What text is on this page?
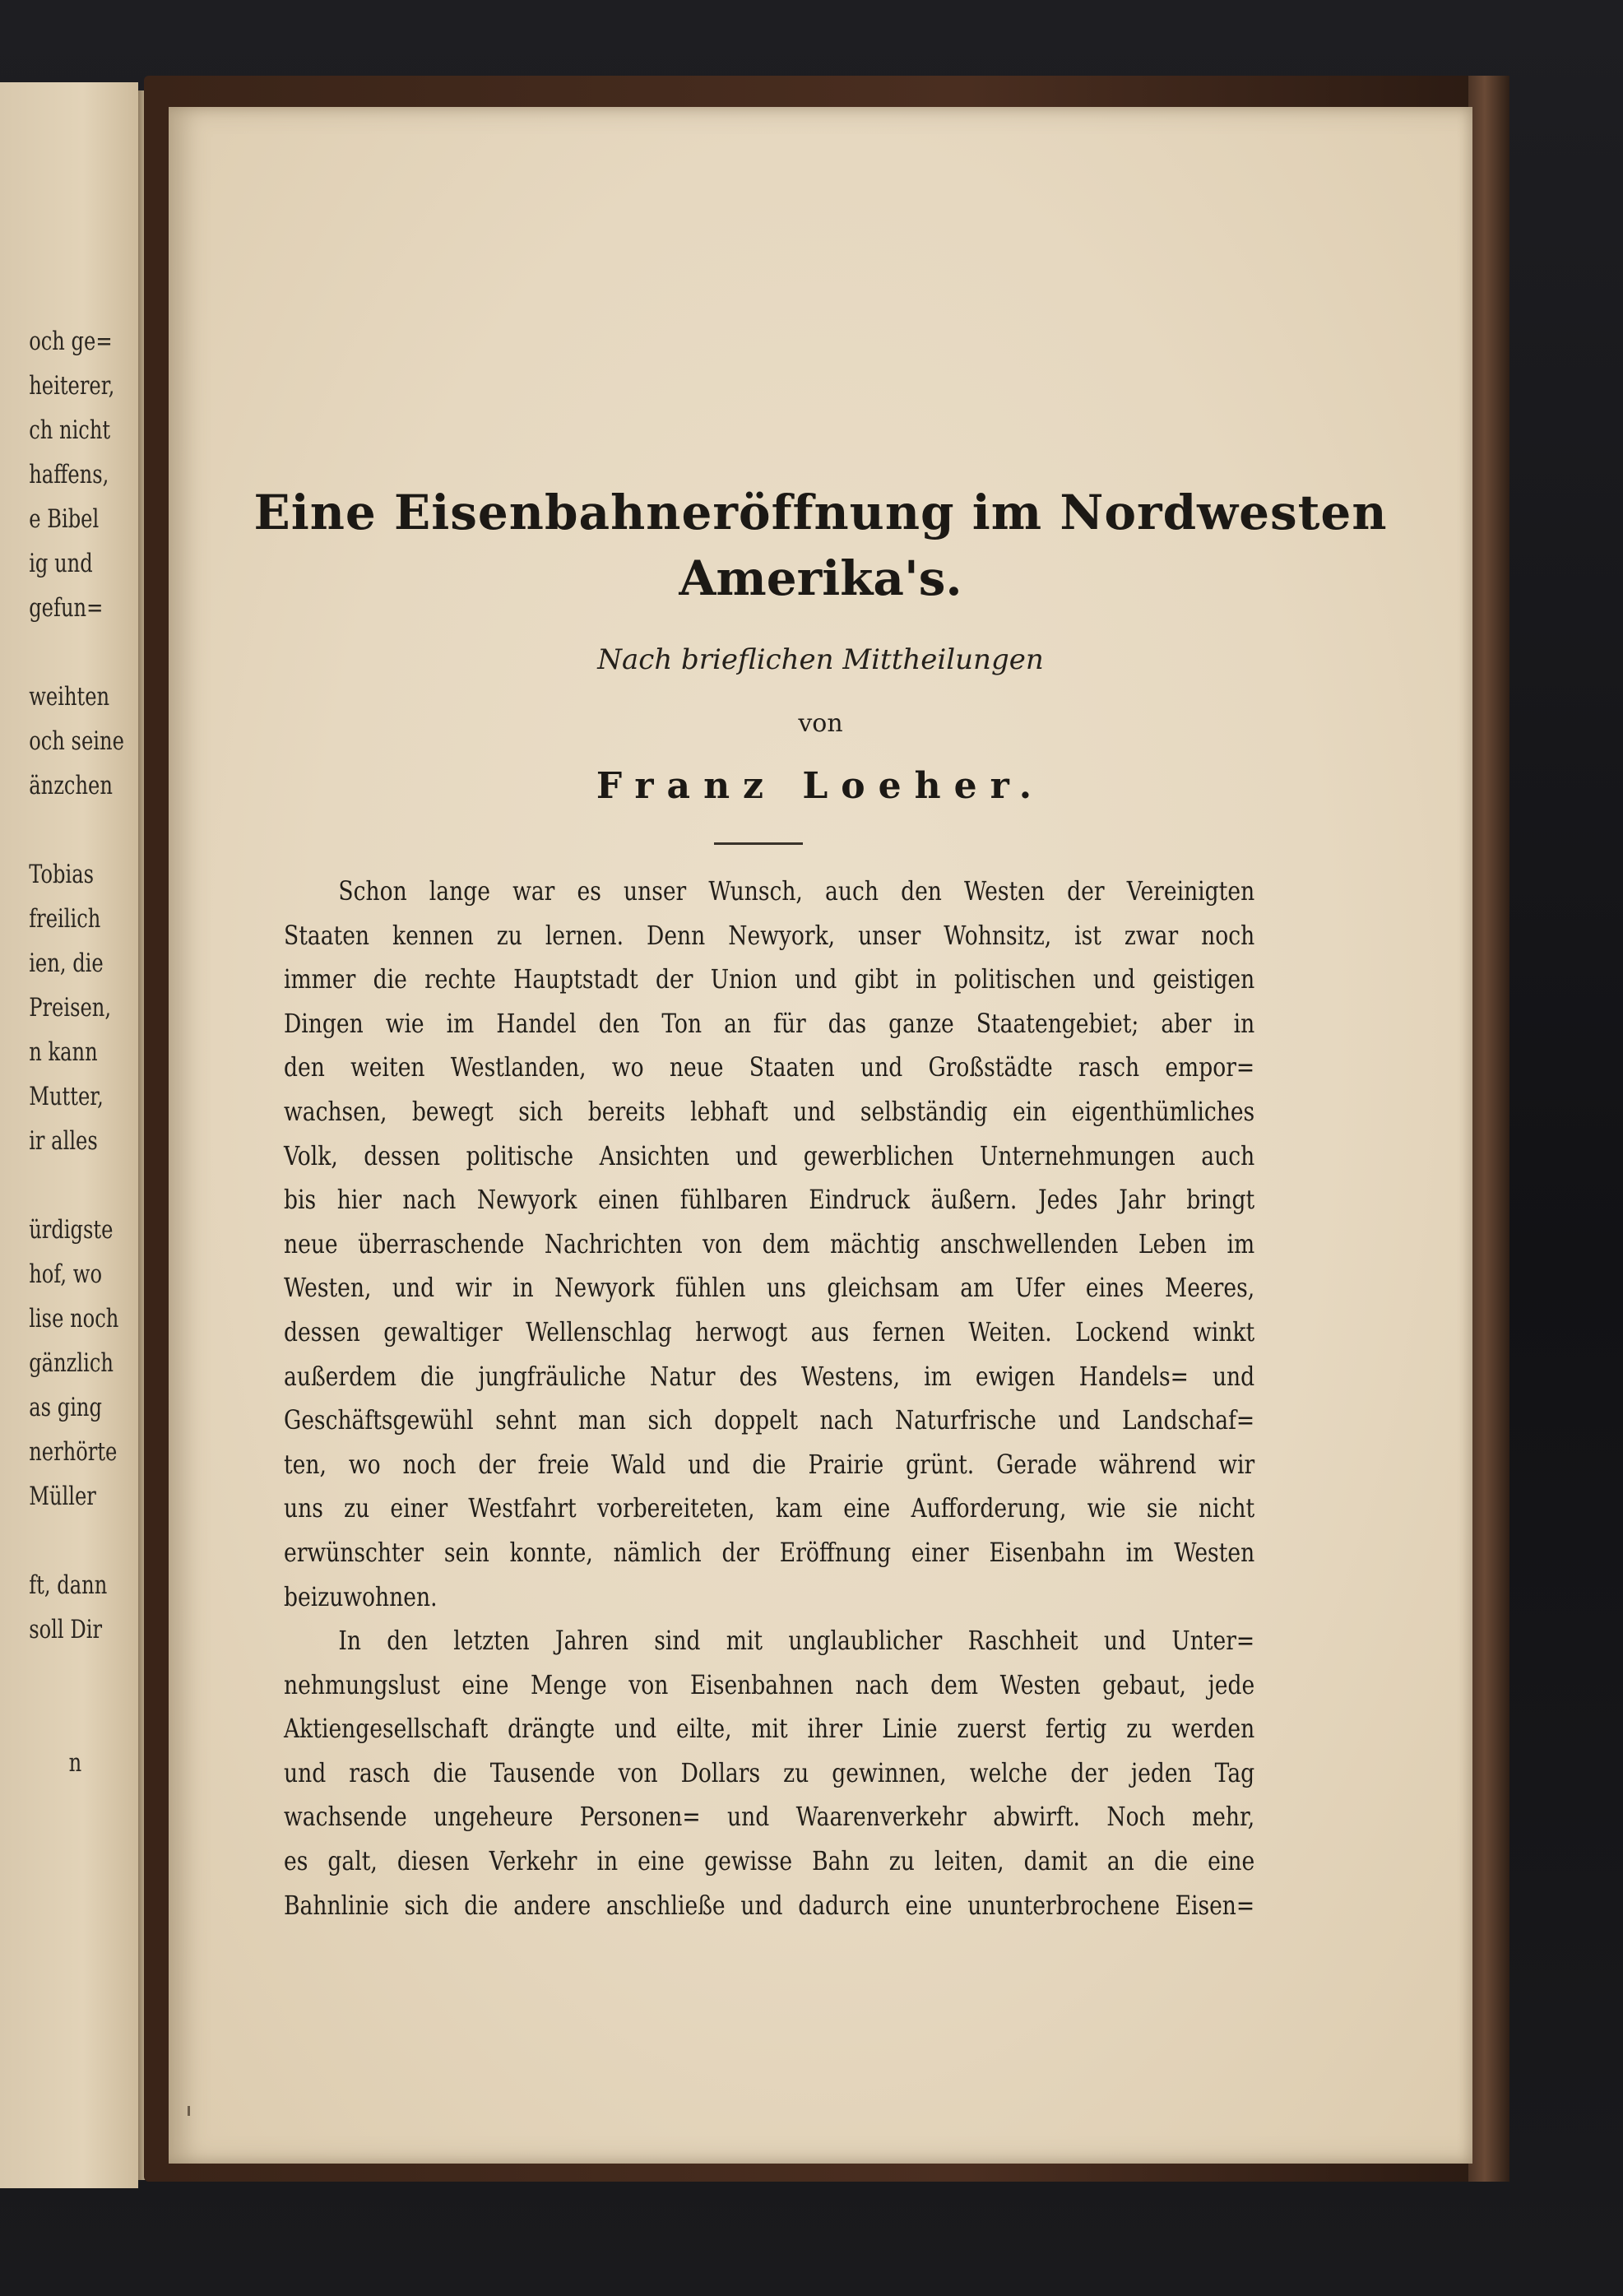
och ge=
heiterer,
ch nicht
haffens,
e Bibel
ig und
gefun=
weihten
och seine
änzchen
Tobias
freilich
ien, die
Preisen,
n kann
Mutter,
ir alles
ürdigste
hof, wo
lise noch
gänzlich
as ging
nerhörte
Müller
ft, dann
soll Dir
n
Eine Eisenbahneröffnung im Nordwesten
Amerika's.
Nach brieflichen Mittheilungen
von
Franz Loeher.
Schon lange war es unser Wunsch, auch den Westen der Vereinigten
Staaten kennen zu lernen. Denn Newyork, unser Wohnsitz, ist zwar noch
immer die rechte Hauptstadt der Union und gibt in politischen und geistigen
Dingen wie im Handel den Ton an für das ganze Staatengebiet; aber in
den weiten Westlanden, wo neue Staaten und Großstädte rasch empor=
wachsen, bewegt sich bereits lebhaft und selbständig ein eigenthümliches
Volk, dessen politische Ansichten und gewerblichen Unternehmungen auch
bis hier nach Newyork einen fühlbaren Eindruck äußern. Jedes Jahr bringt
neue überraschende Nachrichten von dem mächtig anschwellenden Leben im
Westen, und wir in Newyork fühlen uns gleichsam am Ufer eines Meeres,
dessen gewaltiger Wellenschlag herwogt aus fernen Weiten. Lockend winkt
außerdem die jungfräuliche Natur des Westens, im ewigen Handels= und
Geschäftsgewühl sehnt man sich doppelt nach Naturfrische und Landschaf=
ten, wo noch der freie Wald und die Prairie grünt. Gerade während wir
uns zu einer Westfahrt vorbereiteten, kam eine Aufforderung, wie sie nicht
erwünschter sein konnte, nämlich der Eröffnung einer Eisenbahn im Westen
beizuwohnen.
In den letzten Jahren sind mit unglaublicher Raschheit und Unter=
nehmungslust eine Menge von Eisenbahnen nach dem Westen gebaut, jede
Aktiengesellschaft drängte und eilte, mit ihrer Linie zuerst fertig zu werden
und rasch die Tausende von Dollars zu gewinnen, welche der jeden Tag
wachsende ungeheure Personen= und Waarenverkehr abwirft. Noch mehr,
es galt, diesen Verkehr in eine gewisse Bahn zu leiten, damit an die eine
Bahnlinie sich die andere anschließe und dadurch eine ununterbrochene Eisen=
